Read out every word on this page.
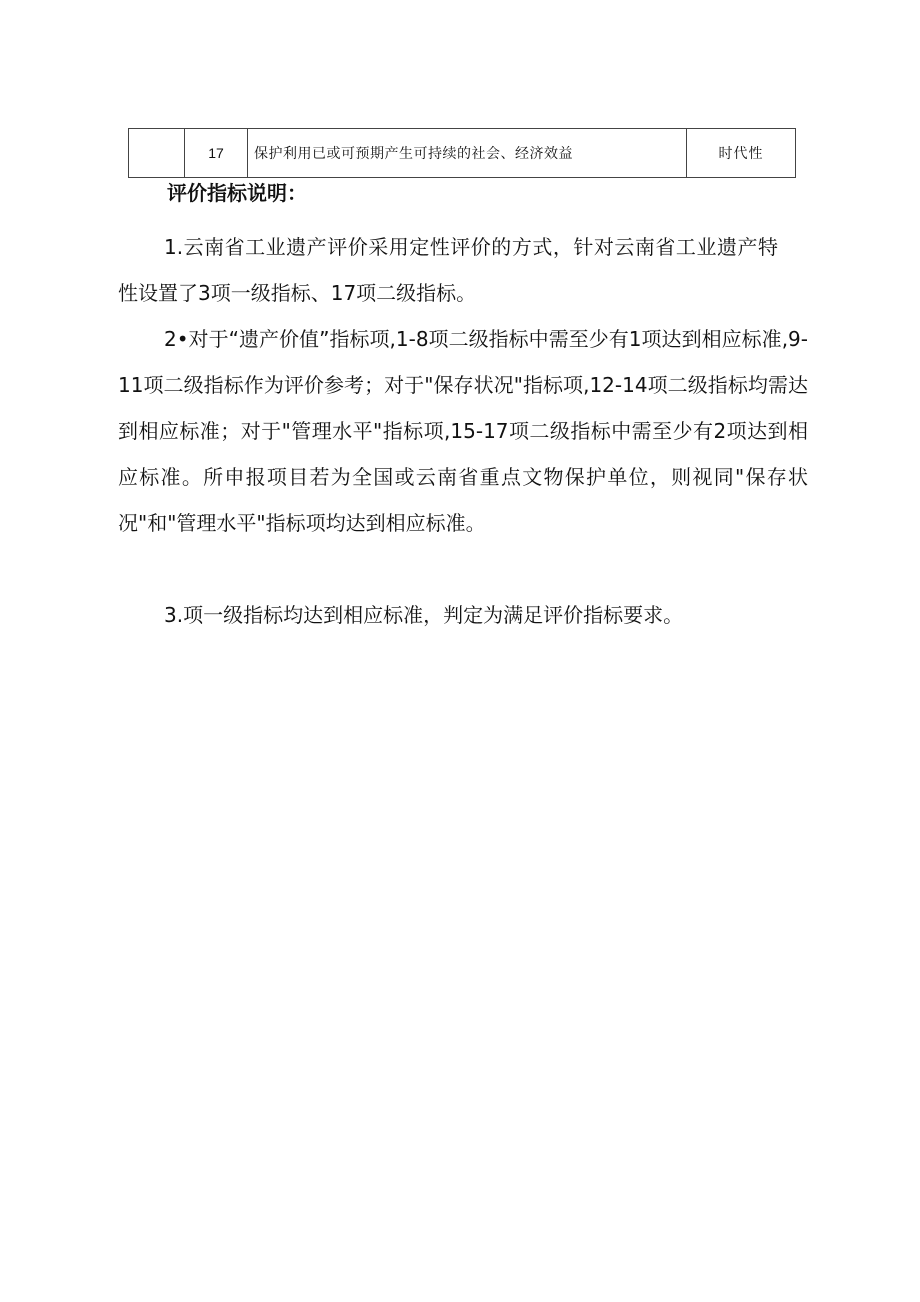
	17	保护利用已或可预期产生可持续的社会、经济效益	时代性
评价指标说明：

1.云南省工业遗产评价采用定性评价的方式，针对云南省工业遗产特性设置了3项一级指标、17项二级指标。

2•对于“遗产价值”指标项,1-8项二级指标中需至少有1项达到相应标准,9-11项二级指标作为评价参考；对于"保存状况"指标项,12-14项二级指标均需达到相应标准；对于"管理水平"指标项,15-17项二级指标中需至少有2项达到相应标准。所申报项目若为全国或云南省重点文物保护单位，则视同"保存状况"和"管理水平"指标项均达到相应标准。

3.项一级指标均达到相应标准，判定为满足评价指标要求。
